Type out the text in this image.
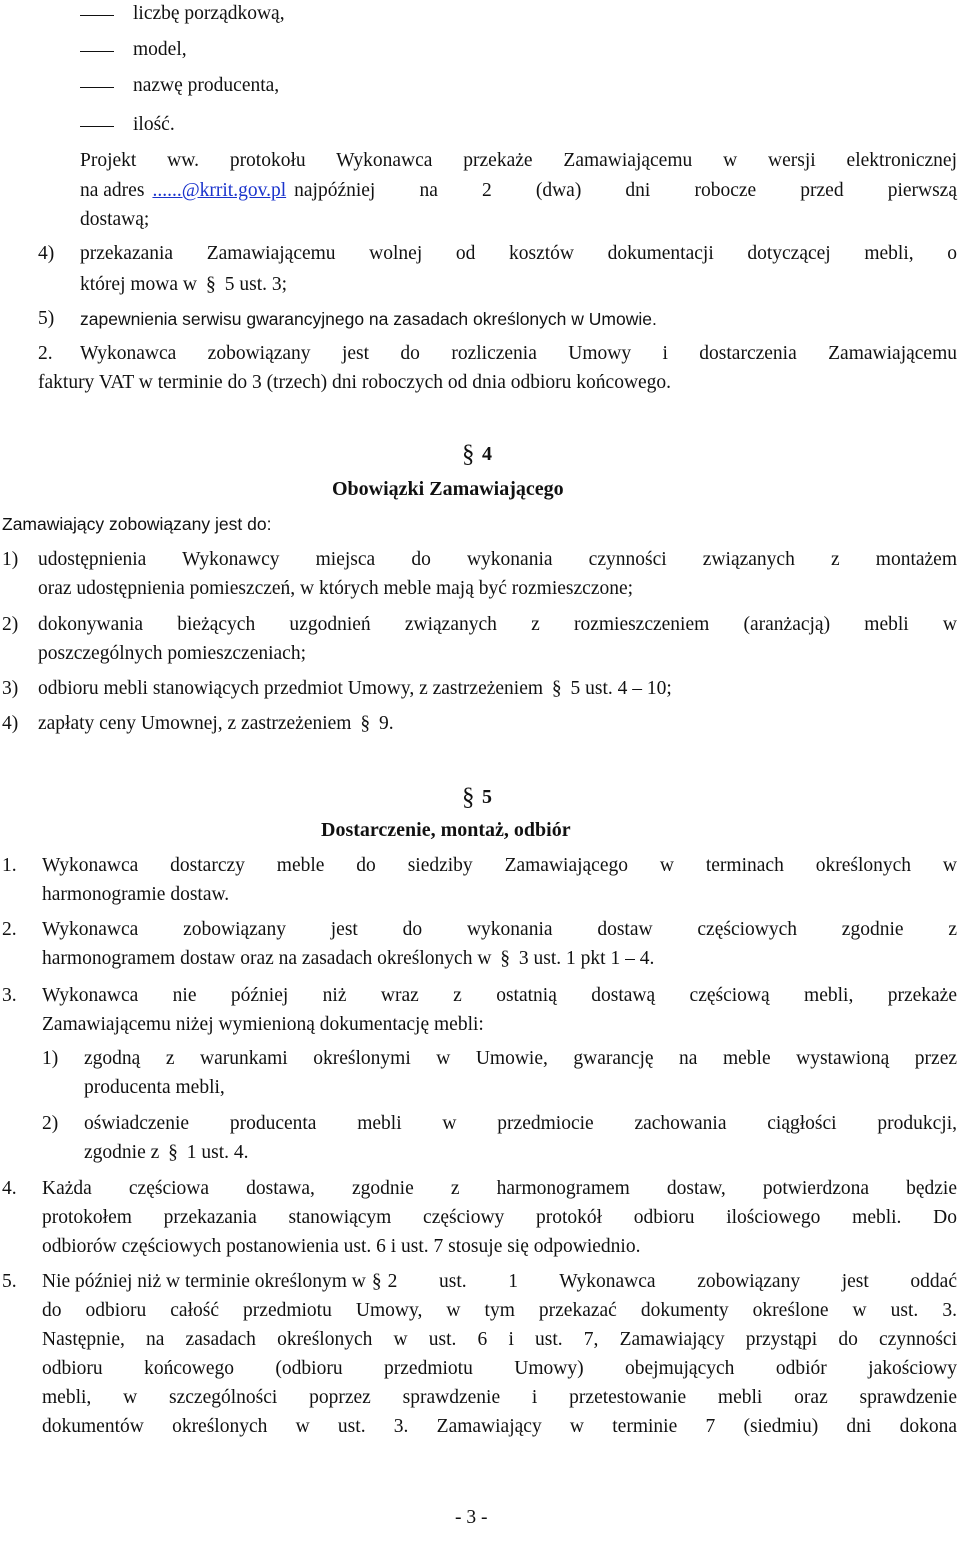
liczbę porządkową,
model,
nazwę producenta,
ilość.
Projekt ww. protokołu Wykonawca przekaże Zamawiającemu w wersji elektronicznej
na adres ......@krrit.gov.pl najpóźniej na 2 (dwa) dni robocze przed pierwszą
dostawą;
4) przekazania Zamawiającemu wolnej od kosztów dokumentacji dotyczącej mebli, o
której mowa w § 5 ust. 3;
5) zapewnienia serwisu gwarancyjnego na zasadach określonych w Umowie.
2. Wykonawca zobowiązany jest do rozliczenia Umowy i dostarczenia Zamawiającemu
faktury VAT w terminie do 3 (trzech) dni roboczych od dnia odbioru końcowego.
§ 4
Obowiązki Zamawiającego
Zamawiający zobowiązany jest do:
1) udostępnienia Wykonawcy miejsca do wykonania czynności związanych z montażem
oraz udostępnienia pomieszczeń, w których meble mają być rozmieszczone;
2) dokonywania bieżących uzgodnień związanych z rozmieszczeniem (aranżacją) mebli w
poszczególnych pomieszczeniach;
3) odbioru mebli stanowiących przedmiot Umowy, z zastrzeżeniem § 5 ust. 4 – 10;
4) zapłaty ceny Umownej, z zastrzeżeniem § 9.
§ 5
Dostarczenie, montaż, odbiór
1. Wykonawca dostarczy meble do siedziby Zamawiającego w terminach określonych w
harmonogramie dostaw.
2. Wykonawca zobowiązany jest do wykonania dostaw częściowych zgodnie z
harmonogramem dostaw oraz na zasadach określonych w § 3 ust. 1 pkt 1 – 4.
3. Wykonawca nie później niż wraz z ostatnią dostawą częściową mebli, przekaże
Zamawiającemu niżej wymienioną dokumentację mebli:
1) zgodną z warunkami określonymi w Umowie, gwarancję na meble wystawioną przez
producenta mebli,
2) oświadczenie producenta mebli w przedmiocie zachowania ciągłości produkcji,
zgodnie z § 1 ust. 4.
4. Każda częściowa dostawa, zgodnie z harmonogramem dostaw, potwierdzona będzie
protokołem przekazania stanowiącym częściowy protokół odbioru ilościowego mebli. Do
odbiorów częściowych postanowienia ust. 6 i ust. 7 stosuje się odpowiednio.
5. Nie później niż w terminie określonym w § 2 ust. 1 Wykonawca zobowiązany jest oddać
do odbioru całość przedmiotu Umowy, w tym przekazać dokumenty określone w ust. 3.
Następnie, na zasadach określonych w ust. 6 i ust. 7, Zamawiający przystąpi do czynności
odbioru końcowego (odbioru przedmiotu Umowy) obejmujących odbiór jakościowy
mebli, w szczególności poprzez sprawdzenie i przetestowanie mebli oraz sprawdzenie
dokumentów określonych w ust. 3. Zamawiający w terminie 7 (siedmiu) dni dokona
- 3 -
